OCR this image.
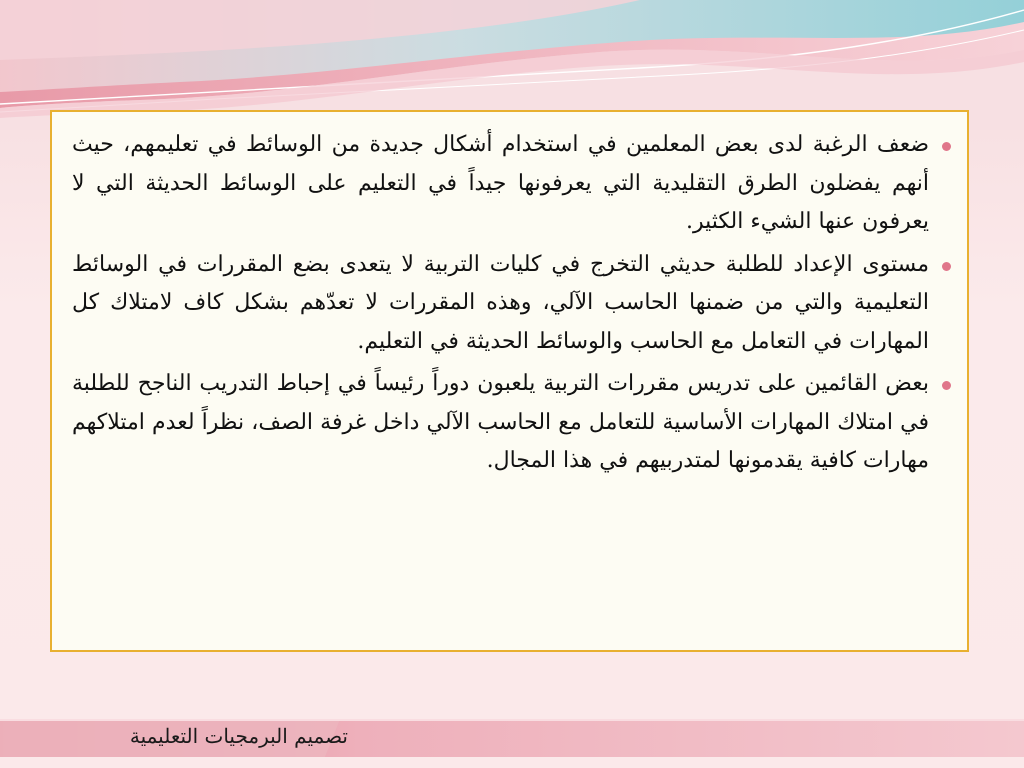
ضعف الرغبة لدى بعض المعلمين في استخدام أشكال جديدة من الوسائط في تعليمهم، حيث أنهم يفضلون الطرق التقليدية التي يعرفونها جيداً في التعليم على الوسائط الحديثة التي لا يعرفون عنها الشيء الكثير.
مستوى الإعداد للطلبة حديثي التخرج في كليات التربية لا يتعدى بضع المقررات في الوسائط التعليمية والتي من ضمنها الحاسب الآلي، وهذه المقررات لا تعدّهم بشكل كاف لامتلاك كل المهارات في التعامل مع الحاسب والوسائط الحديثة في التعليم.
بعض القائمين على تدريس مقررات التربية يلعبون دوراً رئيساً في إحباط التدريب الناجح للطلبة في امتلاك المهارات الأساسية للتعامل مع الحاسب الآلي داخل غرفة الصف، نظراً لعدم امتلاكهم مهارات كافية يقدمونها لمتدربيهم في هذا المجال.
تصميم البرمجيات التعليمية
